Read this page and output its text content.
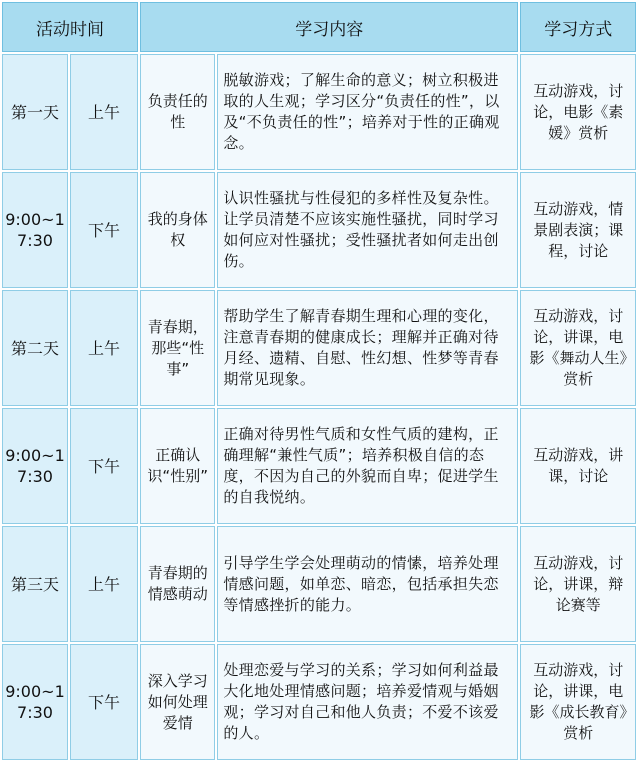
活动时间		学习内容		学习方式
第一天	上午	负责任的性	脱敏游戏；了解生命的意义；树立积极进取的人生观；学习区分“负责任的性”，以及“不负责任的性”；培养对于性的正确观念。	互动游戏，讨论，电影《素媛》赏析
9:00~17:30	下午	我的身体权	认识性骚扰与性侵犯的多样性及复杂性。让学员清楚不应该实施性骚扰，同时学习如何应对性骚扰；受性骚扰者如何走出创伤。	互动游戏，情景剧表演；课程，讨论
第二天	上午	青春期，那些“性事”	帮助学生了解青春期生理和心理的变化，注意青春期的健康成长；理解并正确对待月经、遗精、自慰、性幻想、性梦等青春期常见现象。	互动游戏，讨论，讲课，电影《舞动人生》赏析
9:00~17:30	下午	正确认识“性别”	正确对待男性气质和女性气质的建构，正确理解“兼性气质”；培养积极自信的态度，不因为自己的外貌而自卑；促进学生的自我悦纳。	互动游戏，讲课，讨论
第三天	上午	青春期的情感萌动	引导学生学会处理萌动的情愫，培养处理情感问题，如单恋、暗恋，包括承担失恋等情感挫折的能力。	互动游戏，讨论，讲课，辩论赛等
9:00~17:30	下午	深入学习如何处理爱情	处理恋爱与学习的关系；学习如何利益最大化地处理情感问题；培养爱情观与婚姻观；学习对自己和他人负责；不爱不该爱的人。	互动游戏，讨论，讲课，电影《成长教育》赏析
